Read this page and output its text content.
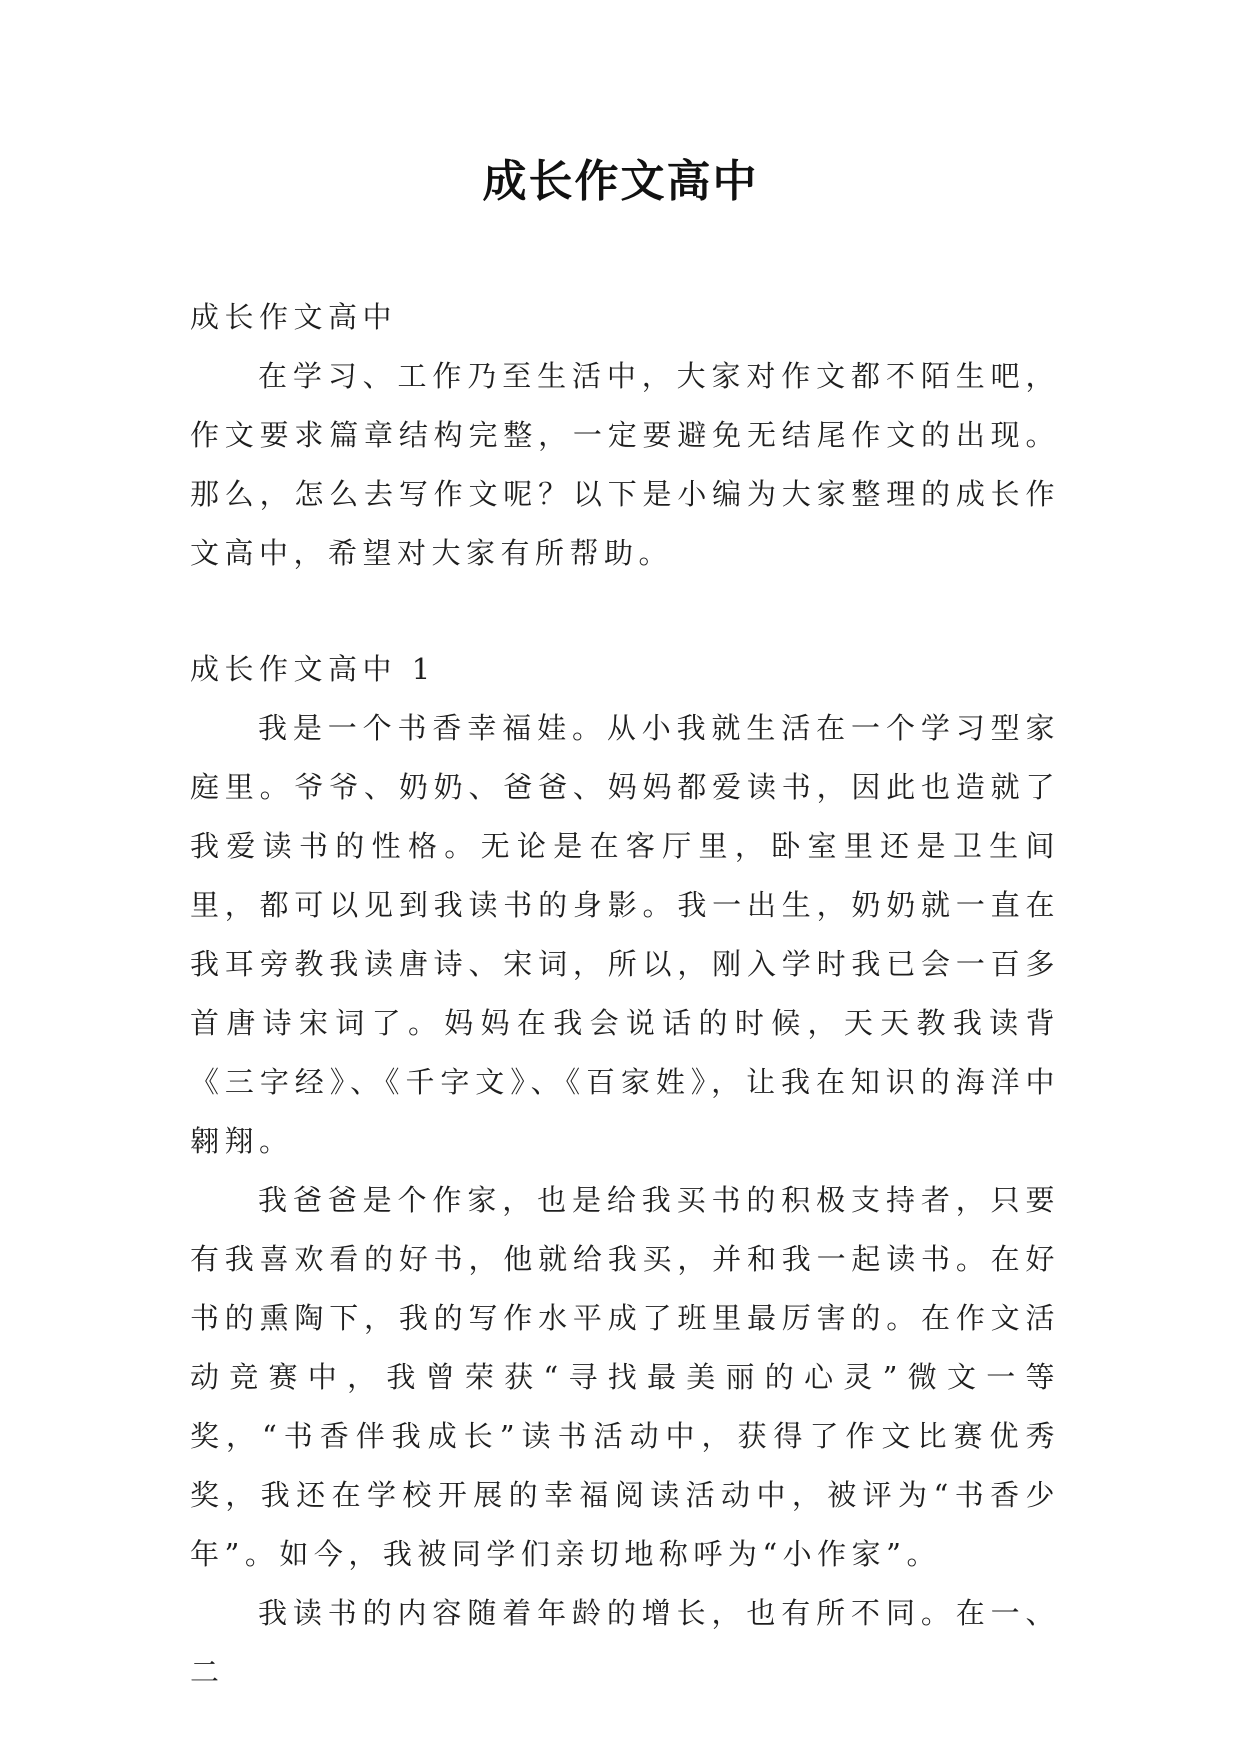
成长作文高中

成长作文高中

在学习、工作乃至生活中，大家对作文都不陌生吧，作文要求篇章结构完整，一定要避免无结尾作文的出现。那么，怎么去写作文呢？以下是小编为大家整理的成长作文高中，希望对大家有所帮助。

成长作文高中 1

我是一个书香幸福娃。从小我就生活在一个学习型家庭里。爷爷、奶奶、爸爸、妈妈都爱读书，因此也造就了我爱读书的性格。无论是在客厅里，卧室里还是卫生间里，都可以见到我读书的身影。我一出生，奶奶就一直在我耳旁教我读唐诗、宋词，所以，刚入学时我已会一百多首唐诗宋词了。妈妈在我会说话的时候，天天教我读背《三字经》、《千字文》、《百家姓》，让我在知识的海洋中翱翔。

我爸爸是个作家，也是给我买书的积极支持者，只要有我喜欢看的好书，他就给我买，并和我一起读书。在好书的熏陶下，我的写作水平成了班里最厉害的。在作文活动竞赛中，我曾荣获“寻找最美丽的心灵”微文一等奖，“书香伴我成长”读书活动中，获得了作文比赛优秀奖，我还在学校开展的幸福阅读活动中，被评为“书香少年”。如今，我被同学们亲切地称呼为“小作家”。

我读书的内容随着年龄的增长，也有所不同。在一、二
